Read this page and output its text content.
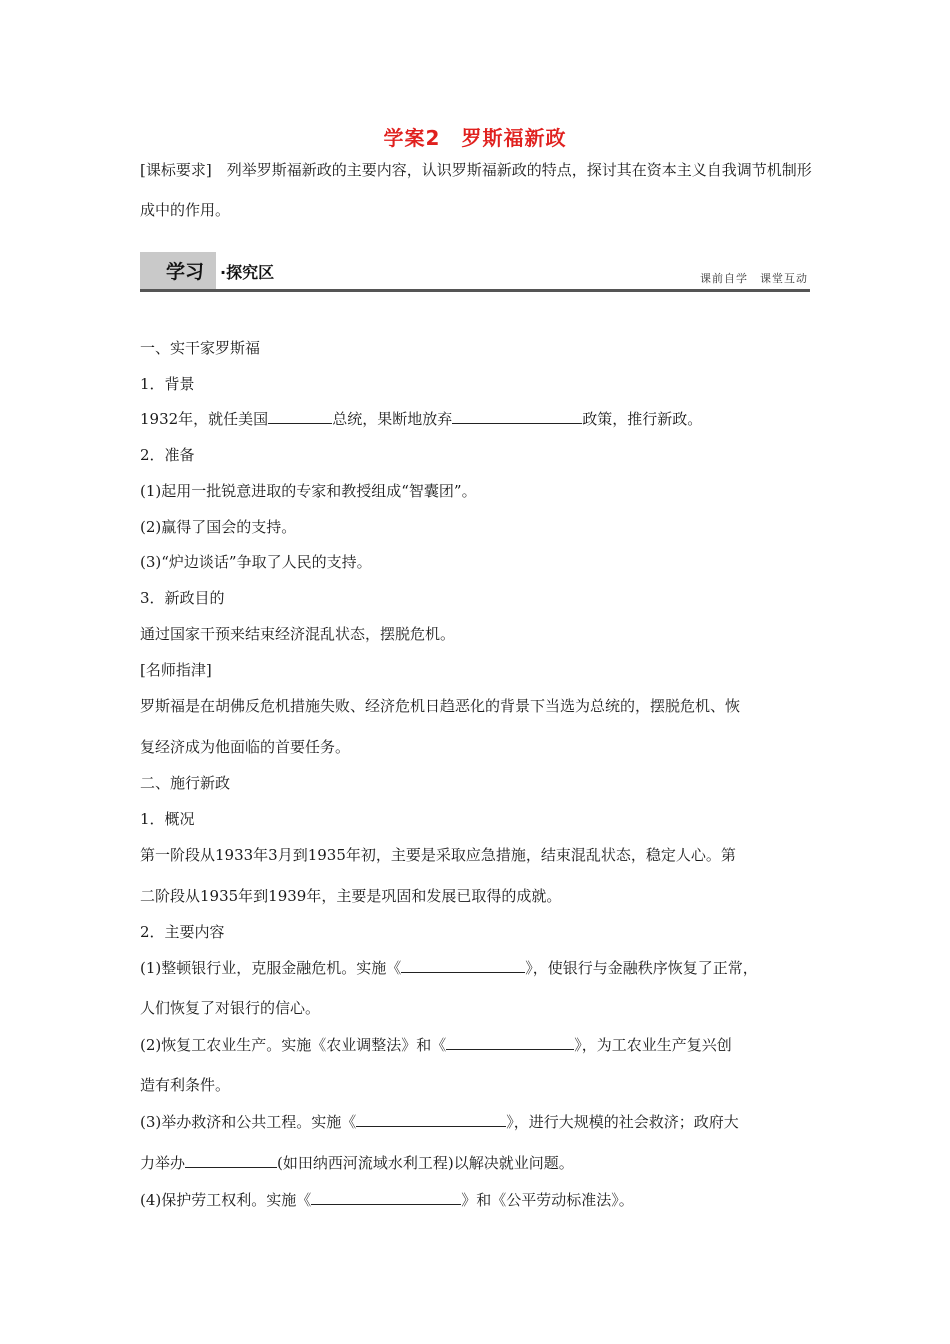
学案2　罗斯福新政

[课标要求]　列举罗斯福新政的主要内容，认识罗斯福新政的特点，探讨其在资本主义自我调节机制形成中的作用。

学习 ·探究区	课前自学　课堂互动
一、实干家罗斯福
1．背景
1932年，就任美国	总统，果断地放弃	政策，推行新政。
2．准备
(1)起用一批锐意进取的专家和教授组成“智囊团”。
(2)赢得了国会的支持。
(3)“炉边谈话”争取了人民的支持。
3．新政目的
通过国家干预来结束经济混乱状态，摆脱危机。
[名师指津]
罗斯福是在胡佛反危机措施失败、经济危机日趋恶化的背景下当选为总统的，摆脱危机、恢
复经济成为他面临的首要任务。
二、施行新政
1．概况
第一阶段从1933年3月到1935年初，主要是采取应急措施，结束混乱状态，稳定人心。第
二阶段从1935年到1939年，主要是巩固和发展已取得的成就。
2．主要内容
(1)整顿银行业，克服金融危机。实施《	》，使银行与金融秩序恢复了正常，
人们恢复了对银行的信心。
(2)恢复工农业生产。实施《农业调整法》和《	》，为工农业生产复兴创
造有利条件。
(3)举办救济和公共工程。实施《	》，进行大规模的社会救济；政府大
力举办	(如田纳西河流域水利工程)以解决就业问题。
(4)保护劳工权利。实施《	》和《公平劳动标准法》。
